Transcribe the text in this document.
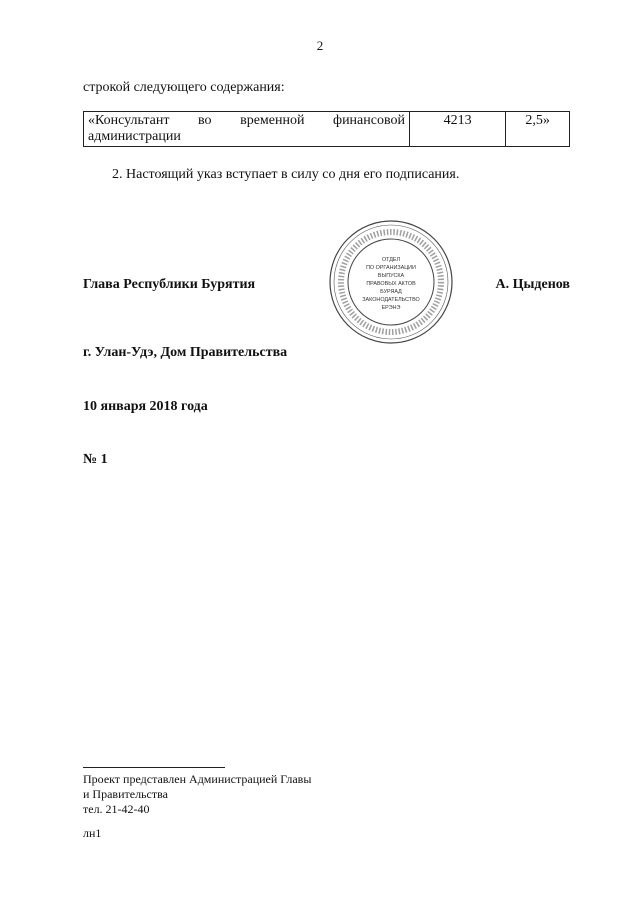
2
строкой следующего содержания:
«Консультант во временной финансовой администрации	4213	2,5»
2. Настоящий указ вступает в силу со дня его подписания.
Глава Республики Бурятия	А. Цыденов
ОТДЕЛ
ПО ОРГАНИЗАЦИИ
ВЫПУСКА
ПРАВОВЫХ АКТОВ
БУРЯАД
ЗАКОНОДАТЕЛЬСТВО
ЕРЭНЭ
г. Улан-Удэ, Дом Правительства
10 января 2018 года
№ 1
Проект представлен Администрацией Главы
и Правительства
тел. 21-42-40
лн1
